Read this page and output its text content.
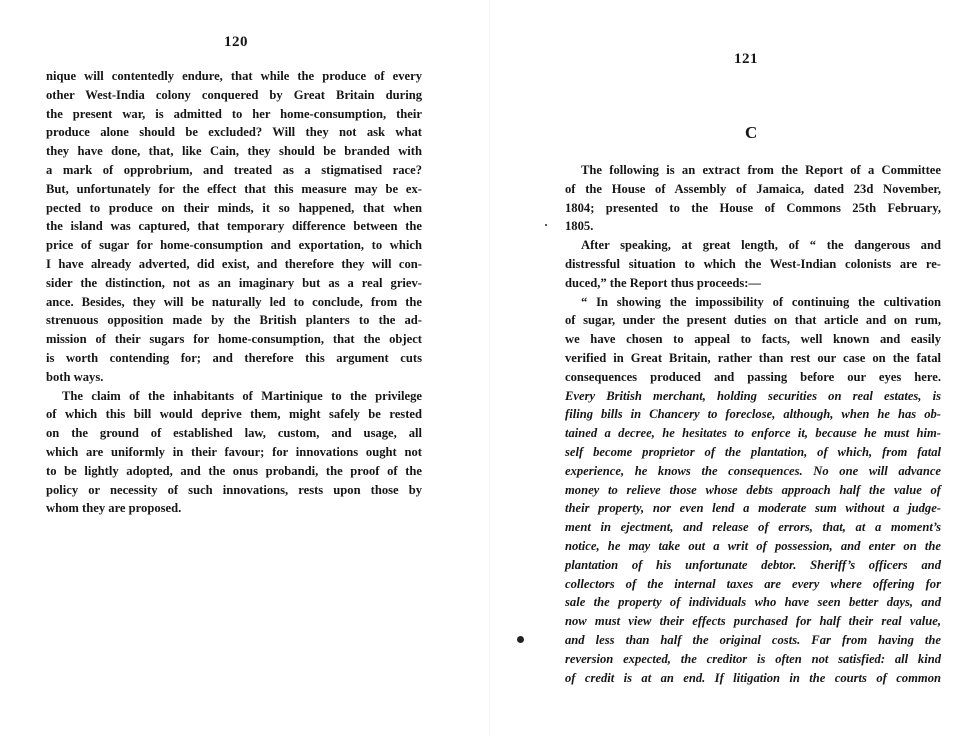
120

nique will contentedly endure, that while the produce of every
other West-India colony conquered by Great Britain during
the present war, is admitted to her home-consumption, their
produce alone should be excluded? Will they not ask what
they have done, that, like Cain, they should be branded with
a mark of opprobrium, and treated as a stigmatised race?
But, unfortunately for the effect that this measure may be ex-
pected to produce on their minds, it so happened, that when
the island was captured, that temporary difference between the
price of sugar for home-consumption and exportation, to which
I have already adverted, did exist, and therefore they will con-
sider the distinction, not as an imaginary but as a real griev-
ance. Besides, they will be naturally led to conclude, from the
strenuous opposition made by the British planters to the ad-
mission of their sugars for home-consumption, that the object
is worth contending for; and therefore this argument cuts
both ways.

The claim of the inhabitants of Martinique to the privilege
of which this bill would deprive them, might safely be rested
on the ground of established law, custom, and usage, all
which are uniformly in their favour; for innovations ought not
to be lightly adopted, and the onus probandi, the proof of the
policy or necessity of such innovations, rests upon those by
whom they are proposed.

121
C

The following is an extract from the Report of a Committee
of the House of Assembly of Jamaica, dated 23d November,
1804; presented to the House of Commons 25th February,
1805.

After speaking, at great length, of “ the dangerous and
distressful situation to which the West-Indian colonists are re-
duced,” the Report thus proceeds:—

“ In showing the impossibility of continuing the cultivation
of sugar, under the present duties on that article and on rum,
we have chosen to appeal to facts, well known and easily
verified in Great Britain, rather than rest our case on the fatal
consequences produced and passing before our eyes here.
Every British merchant, holding securities on real estates, is
filing bills in Chancery to foreclose, although, when he has ob-
tained a decree, he hesitates to enforce it, because he must him-
self become proprietor of the plantation, of which, from fatal
experience, he knows the consequences. No one will advance
money to relieve those whose debts approach half the value of
their property, nor even lend a moderate sum without a judge-
ment in ejectment, and release of errors, that, at a moment’s
notice, he may take out a writ of possession, and enter on the
plantation of his unfortunate debtor. Sheriff’s officers and
collectors of the internal taxes are every where offering for
sale the property of individuals who have seen better days, and
now must view their effects purchased for half their real value,
and less than half the original costs. Far from having the
reversion expected, the creditor is often not satisfied: all kind
of credit is at an end. If litigation in the courts of common
